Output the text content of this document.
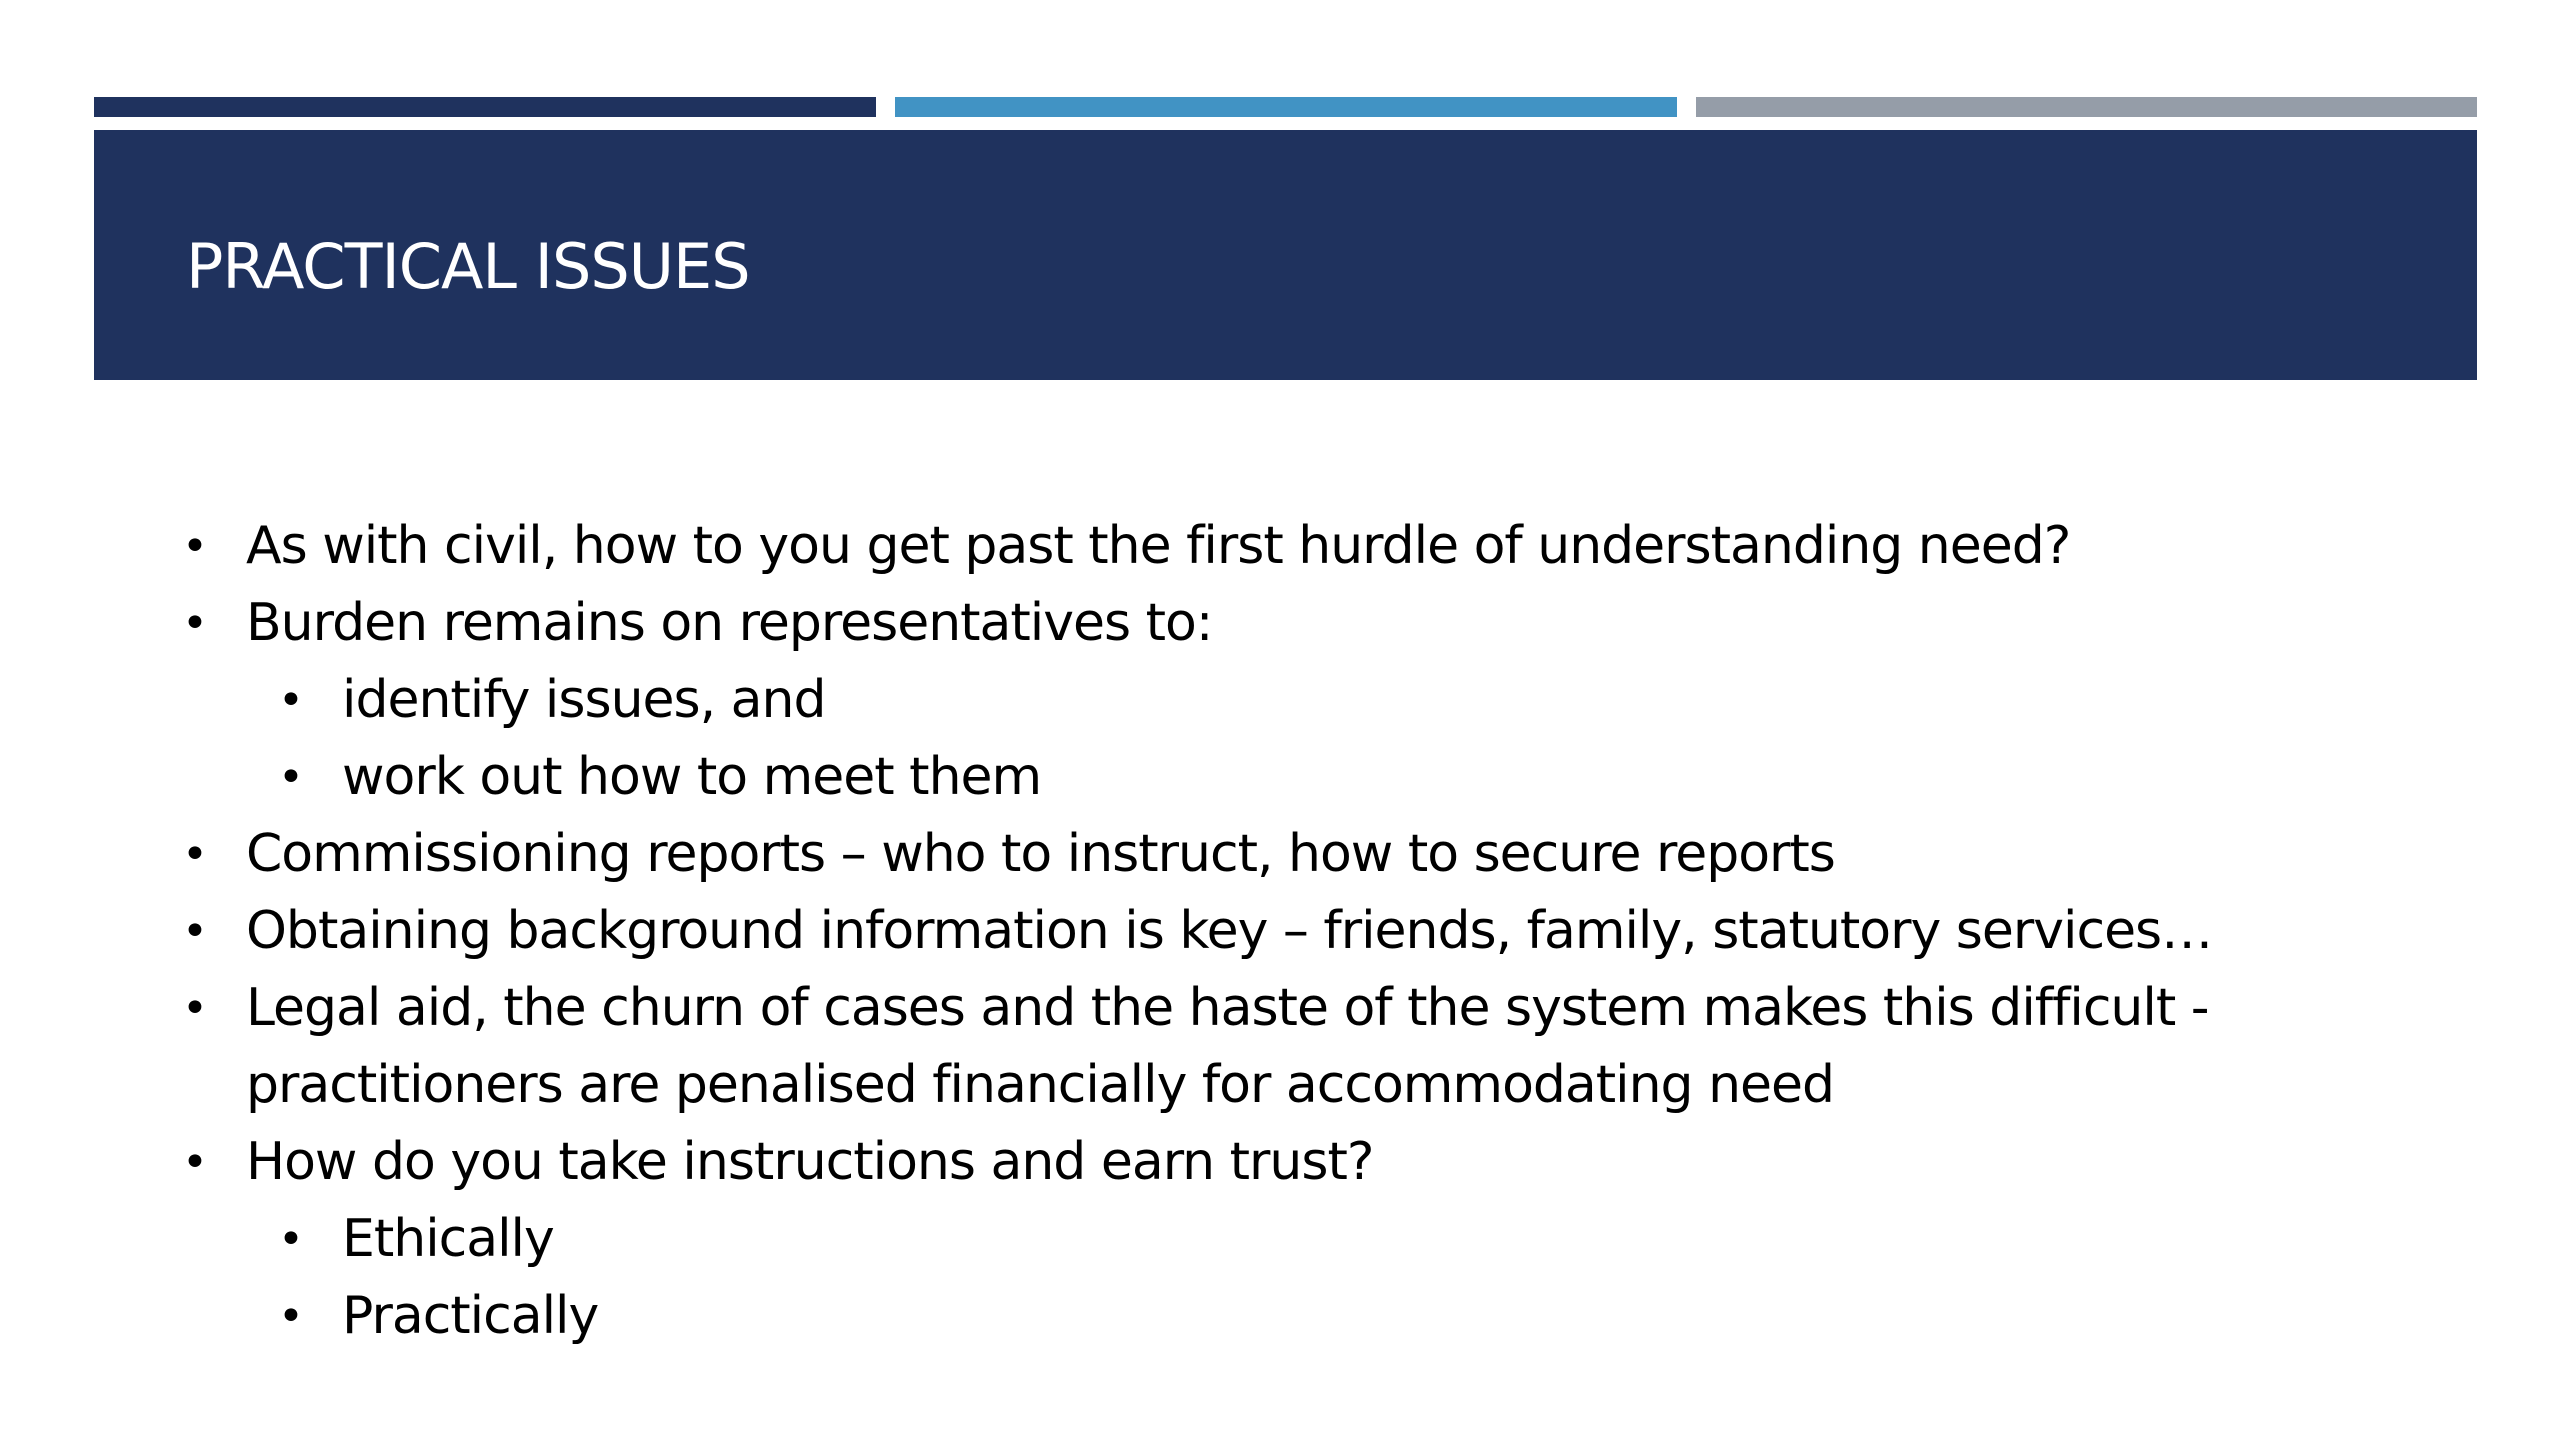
PRACTICAL ISSUES
• As with civil, how to you get past the first hurdle of understanding need?
• Burden remains on representatives to:
• identify issues, and
• work out how to meet them
• Commissioning reports – who to instruct, how to secure reports
• Obtaining background information is key – friends, family, statutory services…
• Legal aid, the churn of cases and the haste of the system makes this difficult -
practitioners are penalised financially for accommodating need
• How do you take instructions and earn trust?
• Ethically
• Practically
